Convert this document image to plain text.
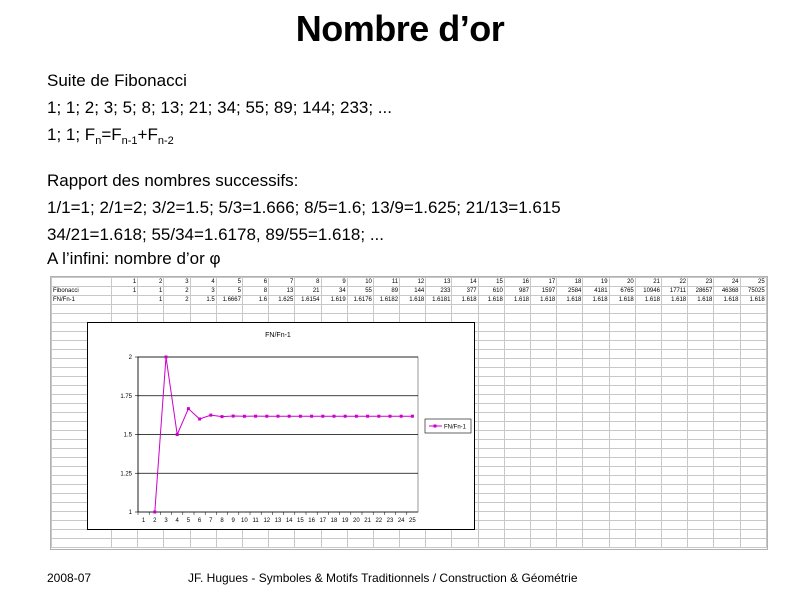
Nombre d’or
Suite de Fibonacci
1; 1; 2; 3; 5; 8; 13; 21; 34; 55; 89; 144; 233; ...
1; 1; $F_n=F_{n-1}+F_{n-2}$
Rapport des nombres successifs:
1/1=1; 2/1=2; 3/2=1.5; 5/3=1.666; 8/5=1.6; 13/9=1.625; 21/13=1.615
34/21=1.618; 55/34=1.6178, 89/55=1.618; ...
A l’infini: nombre d’or φ
	1	2	3	4	5	6	7	8	9	10	11	12	13	14	15	16	17	18	19	20	21	22	23	24	25
Fibonacci	1	1	2	3	5	8	13	21	34	55	89	144	233	377	610	987	1597	2584	4181	6765	10946	17711	28657	46368	75025
FN/Fn-1		1	2	1.5	1.6667	1.6	1.625	1.6154	1.619	1.6176	1.6182	1.618	1.6181	1.618	1.618	1.618	1.618	1.618	1.618	1.618	1.618	1.618	1.618	1.618	1.618

FN/Fn-1
1
1.25
1.5
1.75
2
1 2 3 4 5 6 7 8 9 10 11 12 13 14 15 16 17 18 19 20 21 22 23 24 25
FN/Fn-1
2008-07	JF. Hugues - Symboles & Motifs Traditionnels / Construction & Géométrie
